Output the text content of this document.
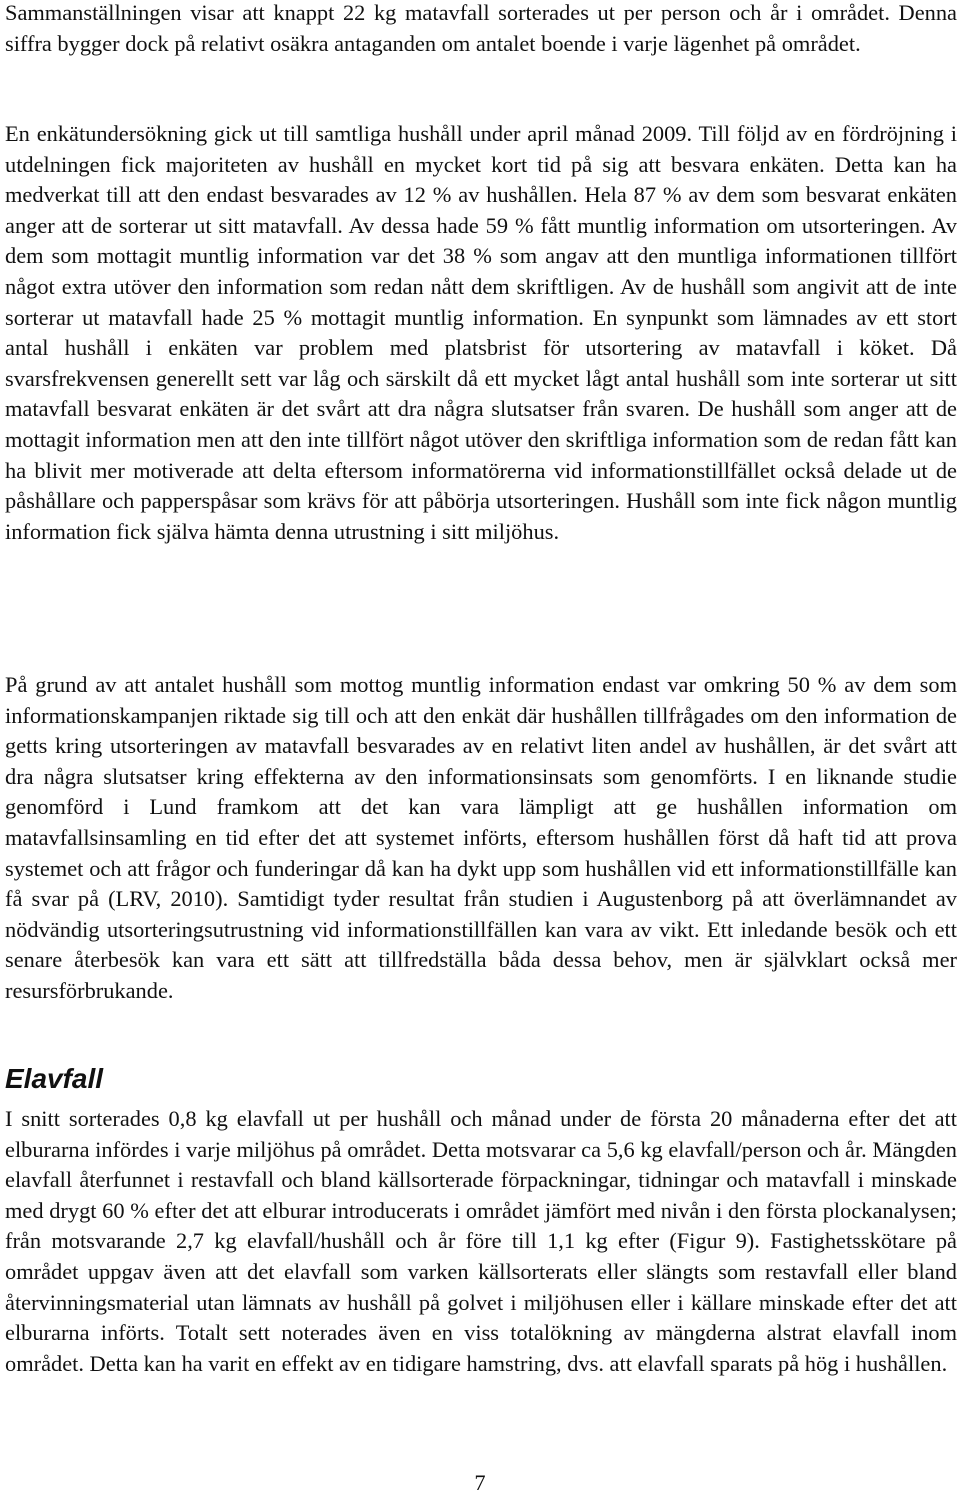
Sammanställningen visar att knappt 22 kg matavfall sorterades ut per person och år i området. Denna siffra bygger dock på relativt osäkra antaganden om antalet boende i varje lägenhet på området.

En enkätundersökning gick ut till samtliga hushåll under april månad 2009. Till följd av en fördröjning i utdelningen fick majoriteten av hushåll en mycket kort tid på sig att besvara enkäten. Detta kan ha medverkat till att den endast besvarades av 12 % av hushållen. Hela 87 % av dem som besvarat enkäten anger att de sorterar ut sitt matavfall. Av dessa hade 59 % fått muntlig information om utsorteringen. Av dem som mottagit muntlig information var det 38 % som angav att den muntliga informationen tillfört något extra utöver den information som redan nått dem skriftligen. Av de hushåll som angivit att de inte sorterar ut matavfall hade 25 % mottagit muntlig information. En synpunkt som lämnades av ett stort antal hushåll i enkäten var problem med platsbrist för utsortering av matavfall i köket. Då svarsfrekvensen generellt sett var låg och särskilt då ett mycket lågt antal hushåll som inte sorterar ut sitt matavfall besvarat enkäten är det svårt att dra några slutsatser från svaren. De hushåll som anger att de mottagit information men att den inte tillfört något utöver den skriftliga information som de redan fått kan ha blivit mer motiverade att delta eftersom informatörerna vid informationstillfället också delade ut de påshållare och papperspåsar som krävs för att påbörja utsorteringen. Hushåll som inte fick någon muntlig information fick själva hämta denna utrustning i sitt miljöhus.

På grund av att antalet hushåll som mottog muntlig information endast var omkring 50 % av dem som informationskampanjen riktade sig till och att den enkät där hushållen tillfrågades om den information de getts kring utsorteringen av matavfall besvarades av en relativt liten andel av hushållen, är det svårt att dra några slutsatser kring effekterna av den informationsinsats som genomförts. I en liknande studie genomförd i Lund framkom att det kan vara lämpligt att ge hushållen information om matavfallsinsamling en tid efter det att systemet införts, eftersom hushållen först då haft tid att prova systemet och att frågor och funderingar då kan ha dykt upp som hushållen vid ett informationstillfälle kan få svar på (LRV, 2010). Samtidigt tyder resultat från studien i Augustenborg på att överlämnandet av nödvändig utsorteringsutrustning vid informationstillfällen kan vara av vikt. Ett inledande besök och ett senare återbesök kan vara ett sätt att tillfredställa båda dessa behov, men är självklart också mer resursförbrukande.

Elavfall

I snitt sorterades 0,8 kg elavfall ut per hushåll och månad under de första 20 månaderna efter det att elburarna infördes i varje miljöhus på området. Detta motsvarar ca 5,6 kg elavfall/person och år. Mängden elavfall återfunnet i restavfall och bland källsorterade förpackningar, tidningar och matavfall i minskade med drygt 60 % efter det att elburar introducerats i området jämfört med nivån i den första plockanalysen; från motsvarande 2,7 kg elavfall/hushåll och år före till 1,1 kg efter (Figur 9). Fastighetsskötare på området uppgav även att det elavfall som varken källsorterats eller slängts som restavfall eller bland återvinningsmaterial utan lämnats av hushåll på golvet i miljöhusen eller i källare minskade efter det att elburarna införts. Totalt sett noterades även en viss totalökning av mängderna alstrat elavfall inom området. Detta kan ha varit en effekt av en tidigare hamstring, dvs. att elavfall sparats på hög i hushållen.

7
